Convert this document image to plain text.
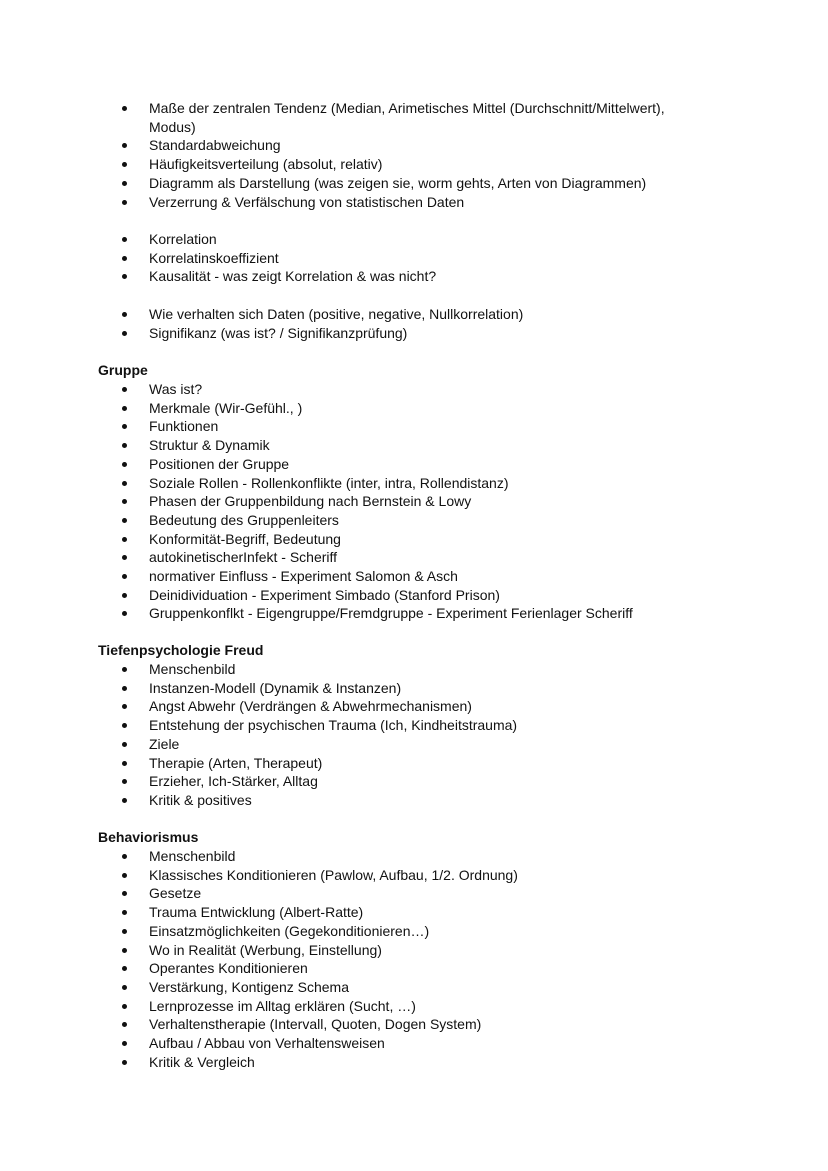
Maße der zentralen Tendenz (Median, Arimetisches Mittel (Durchschnitt/Mittelwert), Modus)
Standardabweichung
Häufigkeitsverteilung (absolut, relativ)
Diagramm als Darstellung (was zeigen sie, worm gehts, Arten von Diagrammen)
Verzerrung & Verfälschung von statistischen Daten
Korrelation
Korrelatinskoeffizient
Kausalität - was zeigt Korrelation & was nicht?
Wie verhalten sich Daten (positive, negative, Nullkorrelation)
Signifikanz (was ist? / Signifikanzprüfung)
Gruppe
Was ist?
Merkmale (Wir-Gefühl., )
Funktionen
Struktur & Dynamik
Positionen der Gruppe
Soziale Rollen - Rollenkonflikte (inter, intra, Rollendistanz)
Phasen der Gruppenbildung nach Bernstein & Lowy
Bedeutung des Gruppenleiters
Konformität-Begriff, Bedeutung
autokinetischerInfekt - Scheriff
normativer Einfluss - Experiment Salomon & Asch
Deinidividuation - Experiment Simbado (Stanford Prison)
Gruppenkonflkt - Eigengruppe/Fremdgruppe - Experiment Ferienlager Scheriff
Tiefenpsychologie Freud
Menschenbild
Instanzen-Modell (Dynamik & Instanzen)
Angst Abwehr (Verdrängen & Abwehrmechanismen)
Entstehung der psychischen Trauma (Ich, Kindheitstrauma)
Ziele
Therapie (Arten, Therapeut)
Erzieher, Ich-Stärker, Alltag
Kritik & positives
Behaviorismus
Menschenbild
Klassisches Konditionieren (Pawlow, Aufbau, 1/2. Ordnung)
Gesetze
Trauma Entwicklung (Albert-Ratte)
Einsatzmöglichkeiten (Gegekonditionieren…)
Wo in Realität (Werbung, Einstellung)
Operantes Konditionieren
Verstärkung, Kontigenz Schema
Lernprozesse im Alltag erklären (Sucht, …)
Verhaltenstherapie (Intervall, Quoten, Dogen System)
Aufbau / Abbau von Verhaltensweisen
Kritik & Vergleich
